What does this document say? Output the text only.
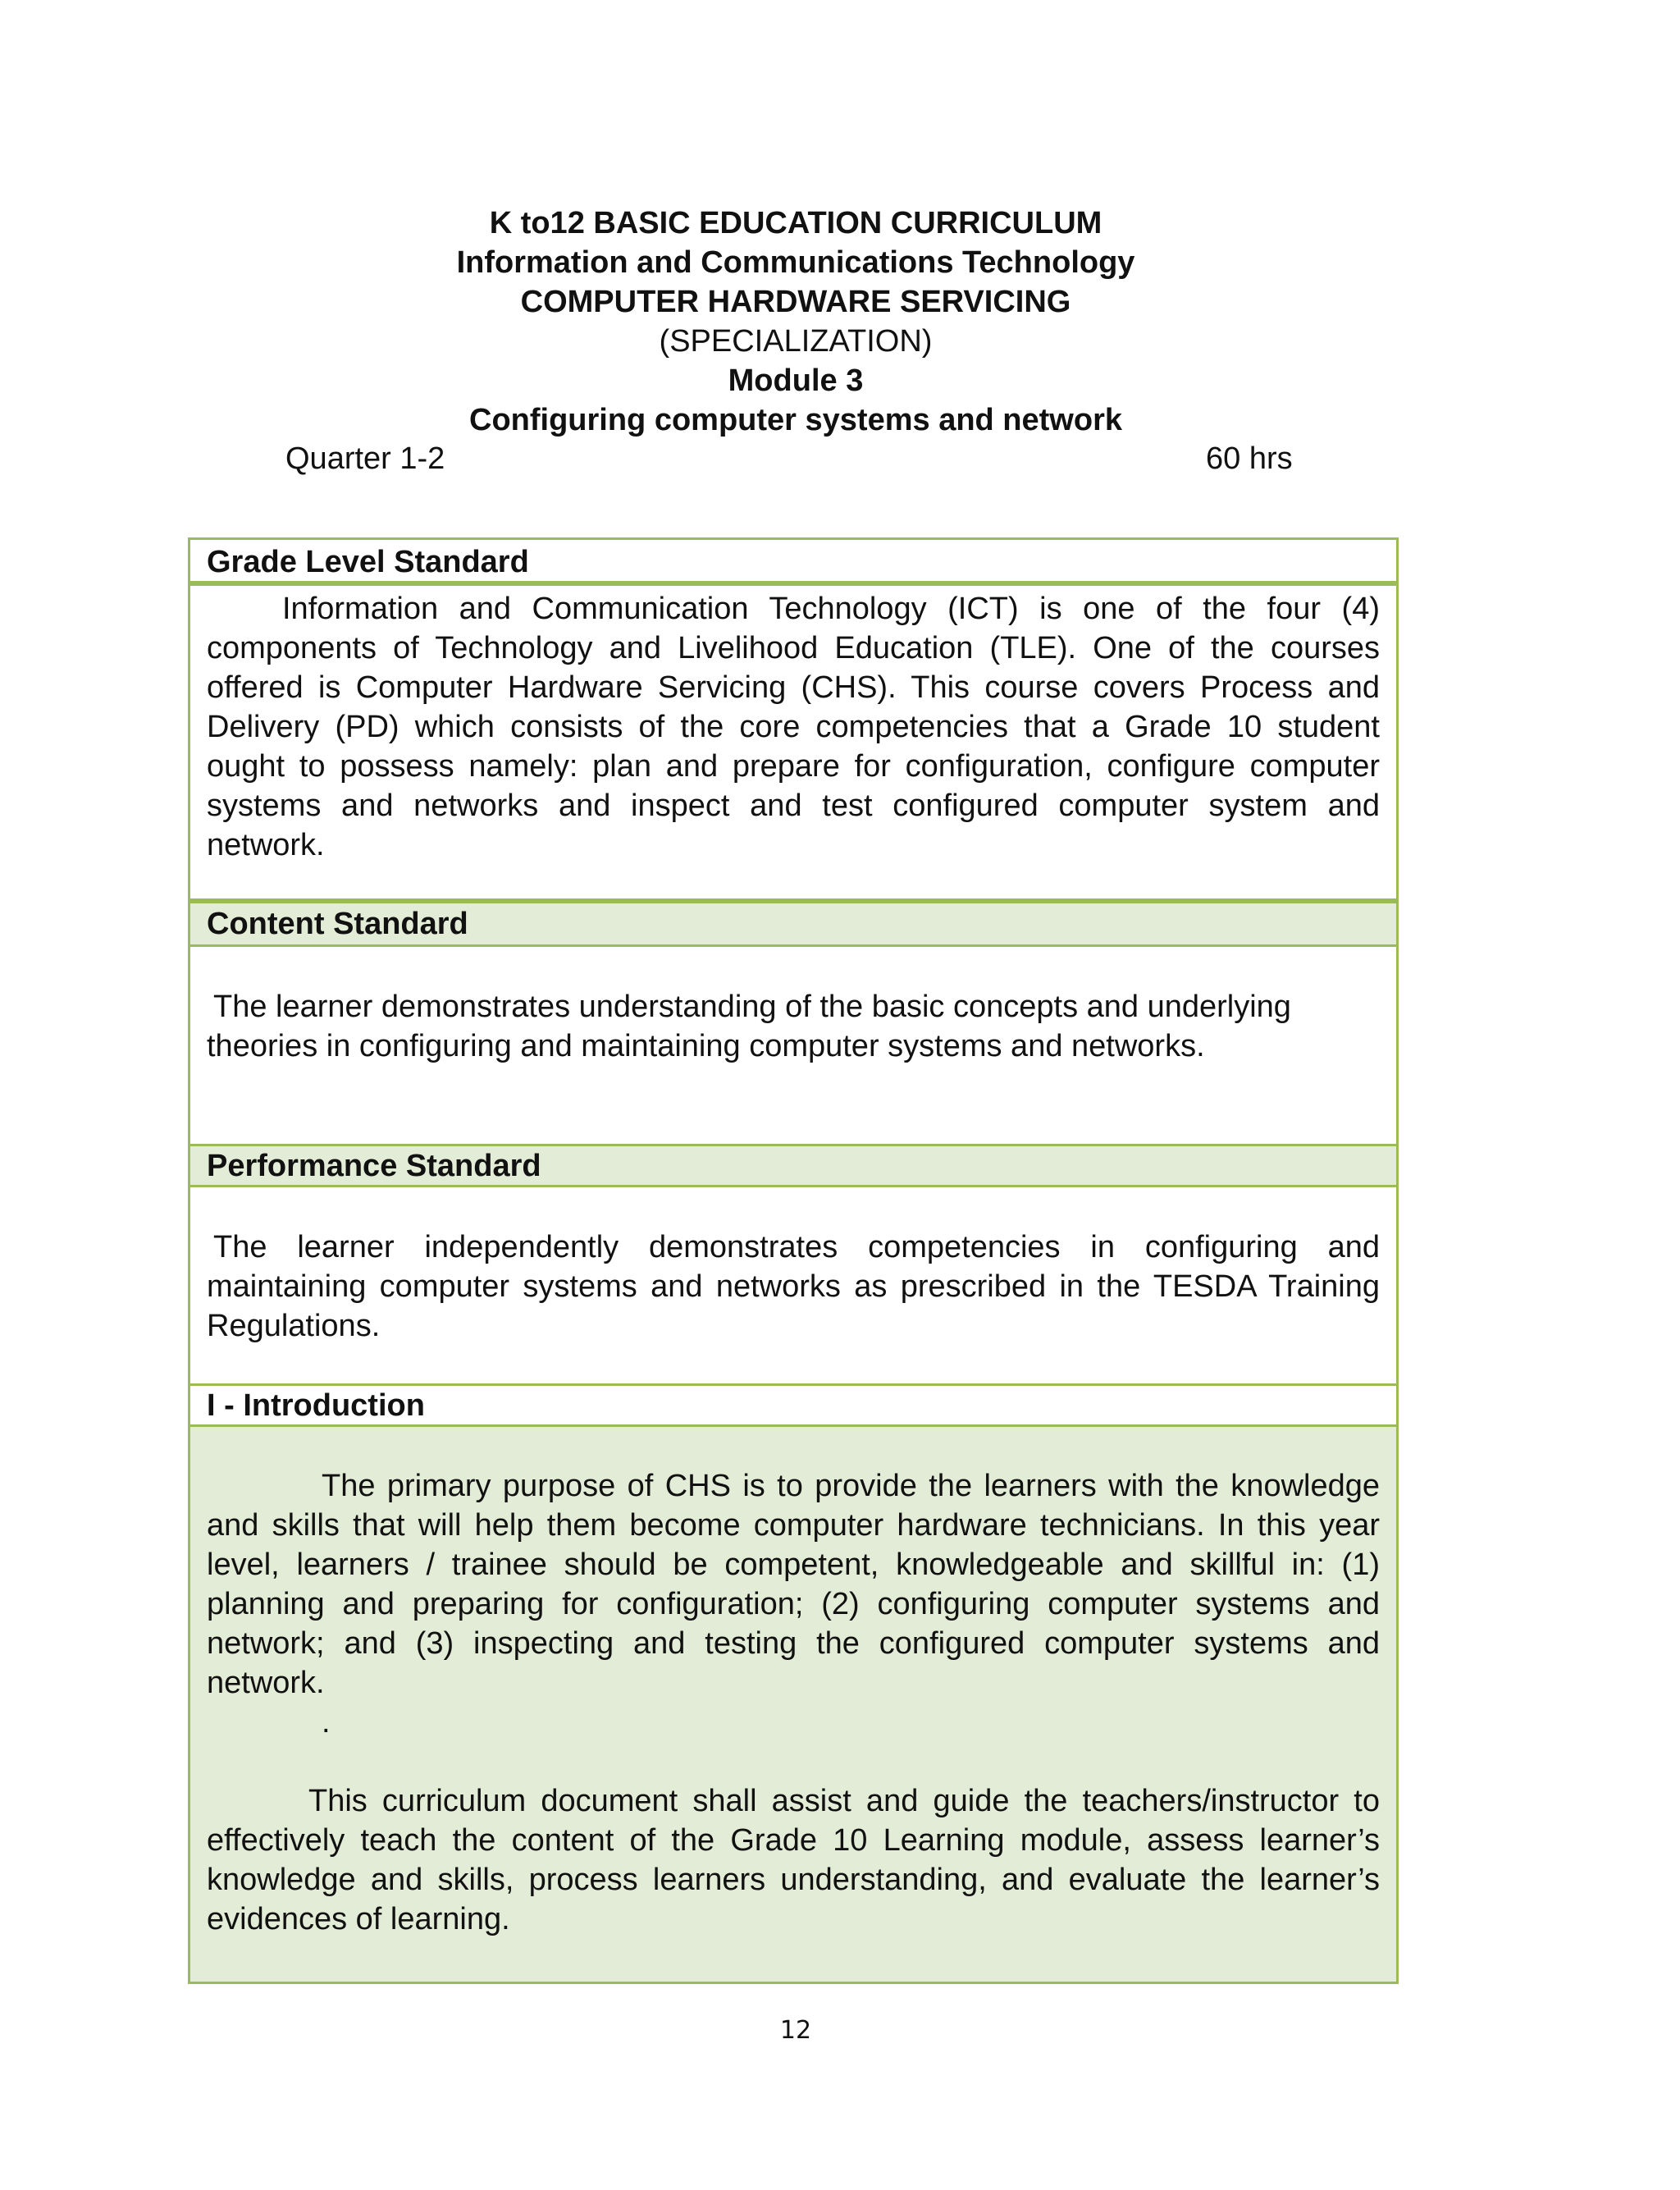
K to12 BASIC EDUCATION CURRICULUM
Information and Communications Technology
COMPUTER HARDWARE SERVICING
(SPECIALIZATION)
Module 3
Configuring computer systems and network
Quarter 1-2	60 hrs
Grade Level Standard
Information and Communication Technology (ICT) is one of the four (4) components of Technology and Livelihood Education (TLE). One of the courses offered is Computer Hardware Servicing (CHS). This course covers Process and Delivery (PD) which consists of the core competencies that a Grade 10 student ought to possess namely: plan and prepare for configuration, configure computer systems and networks and inspect and test configured computer system and network.
Content Standard
The learner demonstrates understanding of the basic concepts and underlying theories in configuring and maintaining computer systems and networks.
Performance Standard
The learner independently demonstrates competencies in configuring and maintaining computer systems and networks as prescribed in the TESDA Training Regulations.
I - Introduction

The primary purpose of CHS is to provide the learners with the knowledge and skills that will help them become computer hardware technicians. In this year level, learners / trainee should be competent, knowledgeable and skillful in: (1) planning and preparing for configuration; (2) configuring computer systems and network; and (3) inspecting and testing the configured computer systems and network.

.

This curriculum document shall assist and guide the teachers/instructor to effectively teach the content of the Grade 10 Learning module, assess learner’s knowledge and skills, process learners understanding, and evaluate the learner’s evidences of learning.

12
